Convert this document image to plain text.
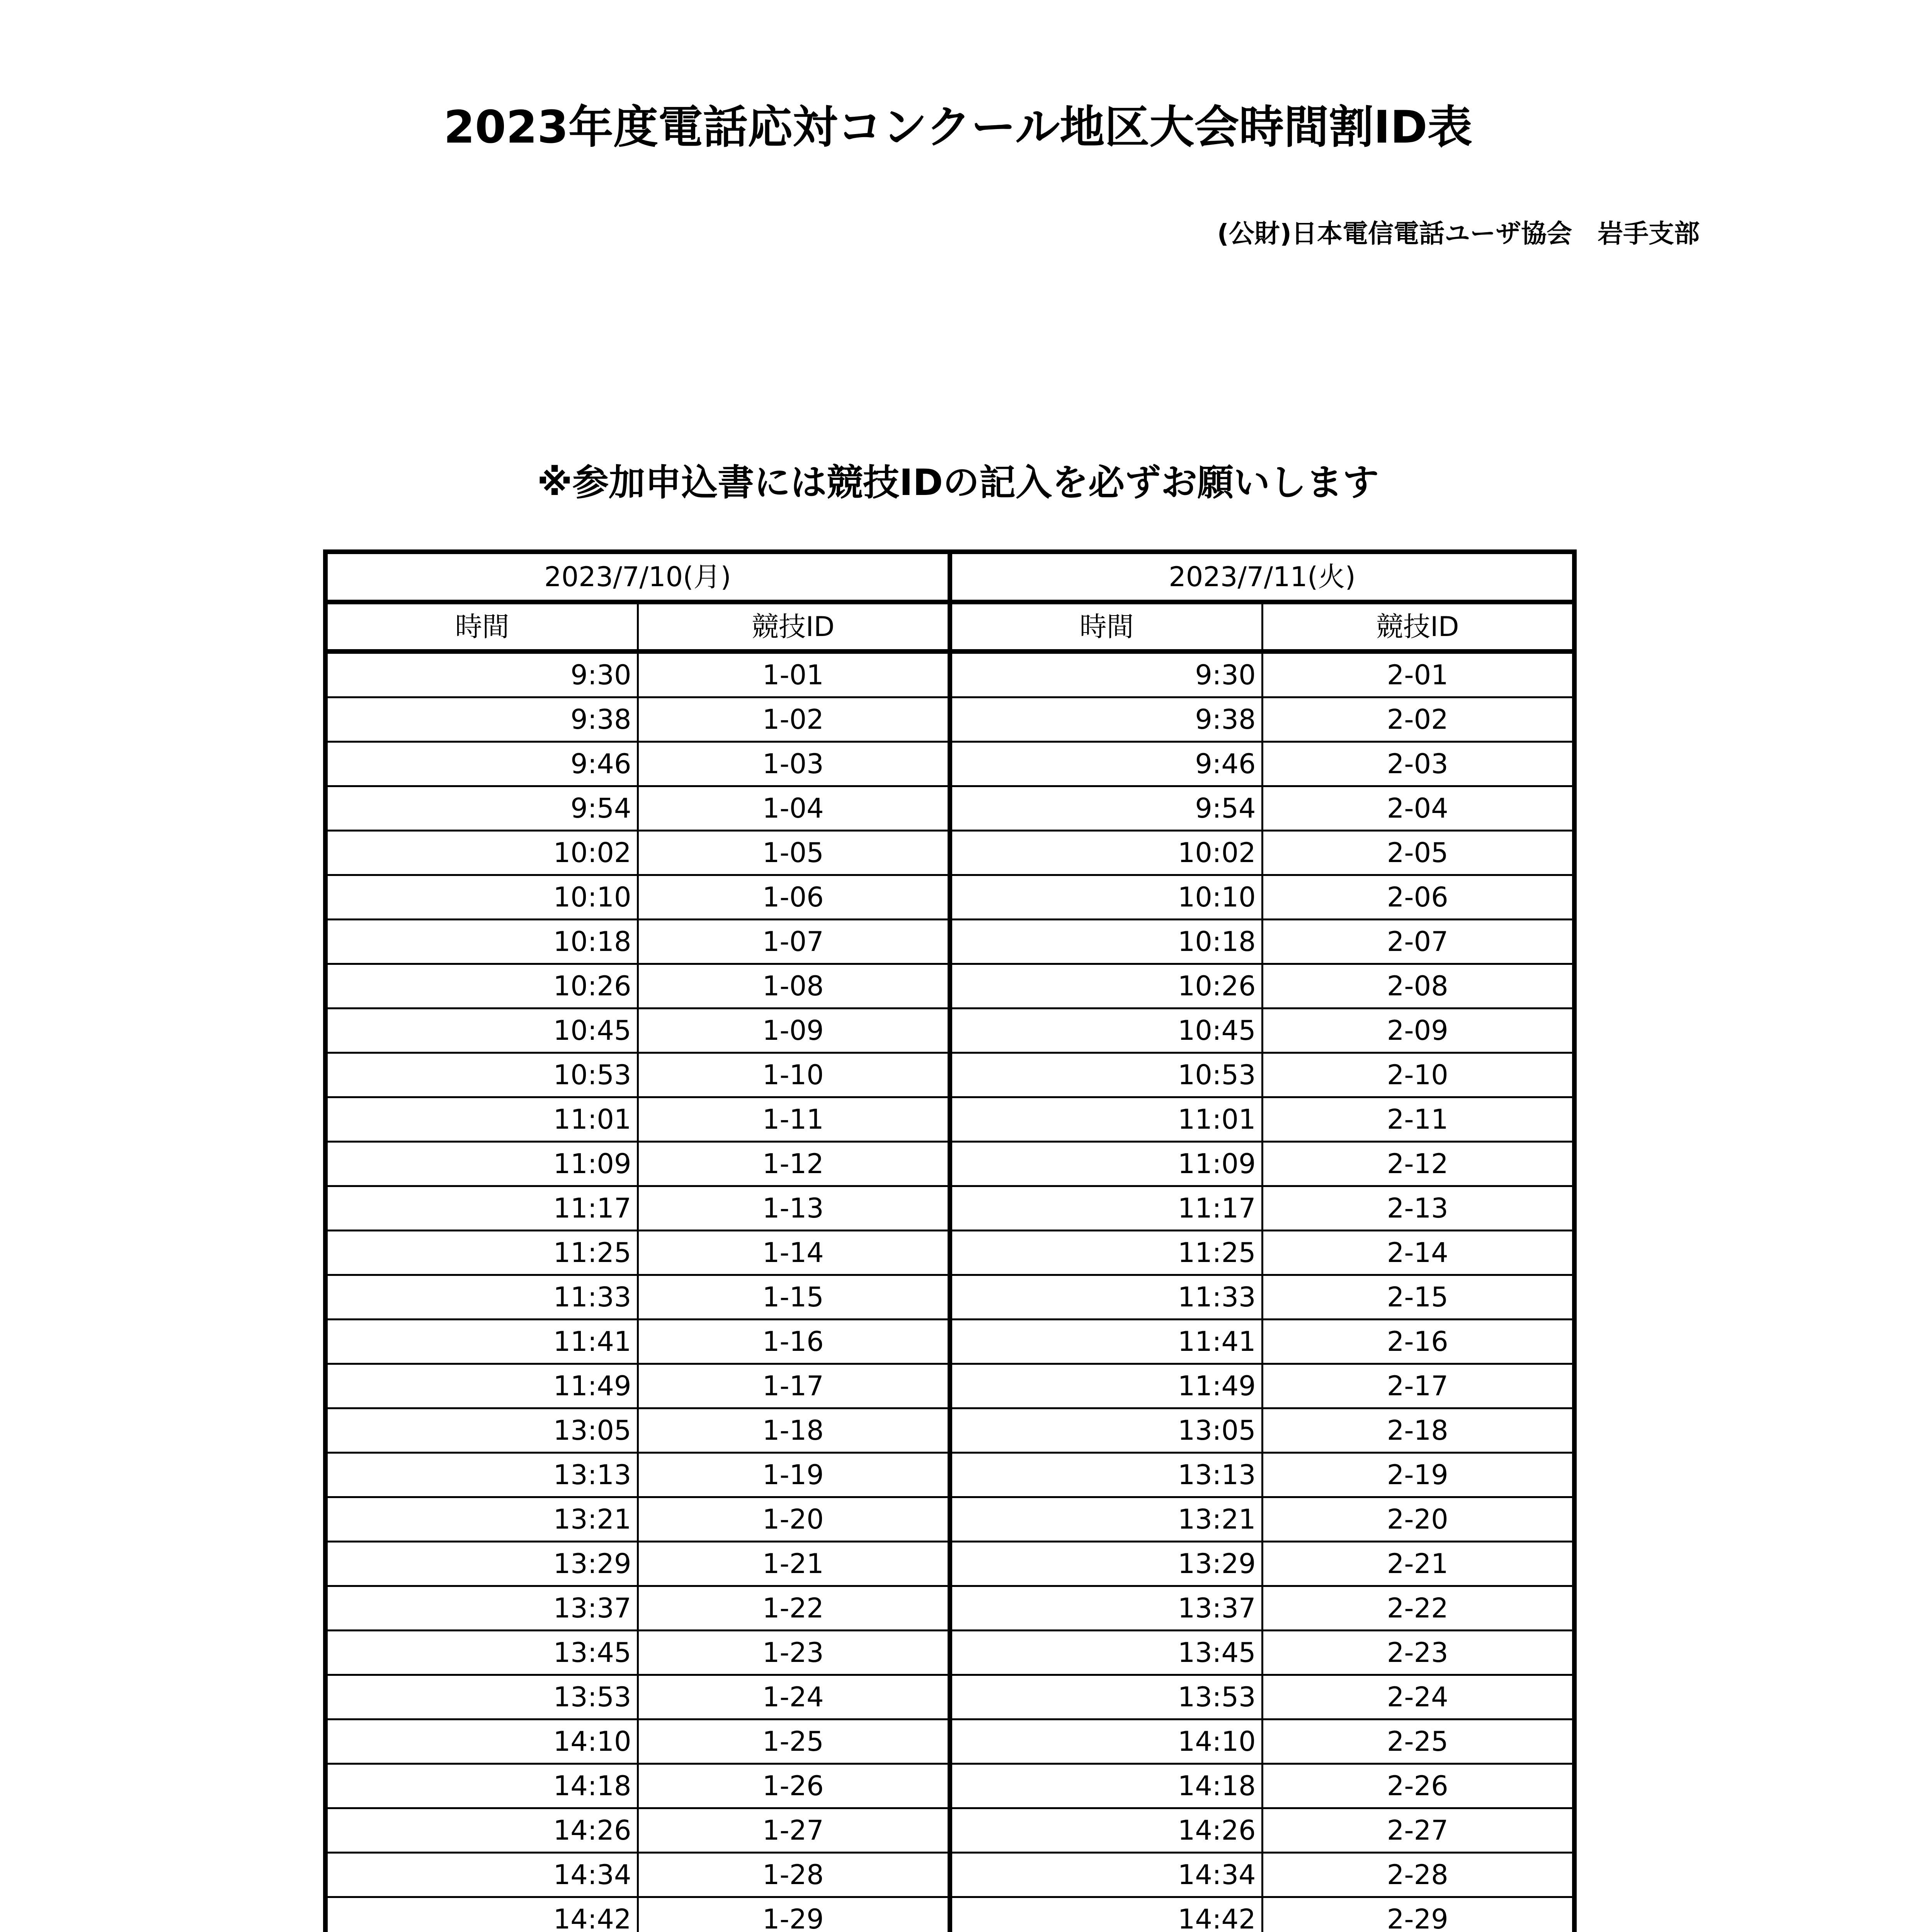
2023年度電話応対コンクール地区大会時間割ID表
(公財)日本電信電話ユーザ協会　岩手支部
※参加申込書には競技IDの記入を必ずお願いします
2023/7/10(月)		2023/7/11(火)	
時間	競技ID	時間	競技ID
9:30	1-01	9:30	2-01
9:38	1-02	9:38	2-02
9:46	1-03	9:46	2-03
9:54	1-04	9:54	2-04
10:02	1-05	10:02	2-05
10:10	1-06	10:10	2-06
10:18	1-07	10:18	2-07
10:26	1-08	10:26	2-08
10:45	1-09	10:45	2-09
10:53	1-10	10:53	2-10
11:01	1-11	11:01	2-11
11:09	1-12	11:09	2-12
11:17	1-13	11:17	2-13
11:25	1-14	11:25	2-14
11:33	1-15	11:33	2-15
11:41	1-16	11:41	2-16
11:49	1-17	11:49	2-17
13:05	1-18	13:05	2-18
13:13	1-19	13:13	2-19
13:21	1-20	13:21	2-20
13:29	1-21	13:29	2-21
13:37	1-22	13:37	2-22
13:45	1-23	13:45	2-23
13:53	1-24	13:53	2-24
14:10	1-25	14:10	2-25
14:18	1-26	14:18	2-26
14:26	1-27	14:26	2-27
14:34	1-28	14:34	2-28
14:42	1-29	14:42	2-29
